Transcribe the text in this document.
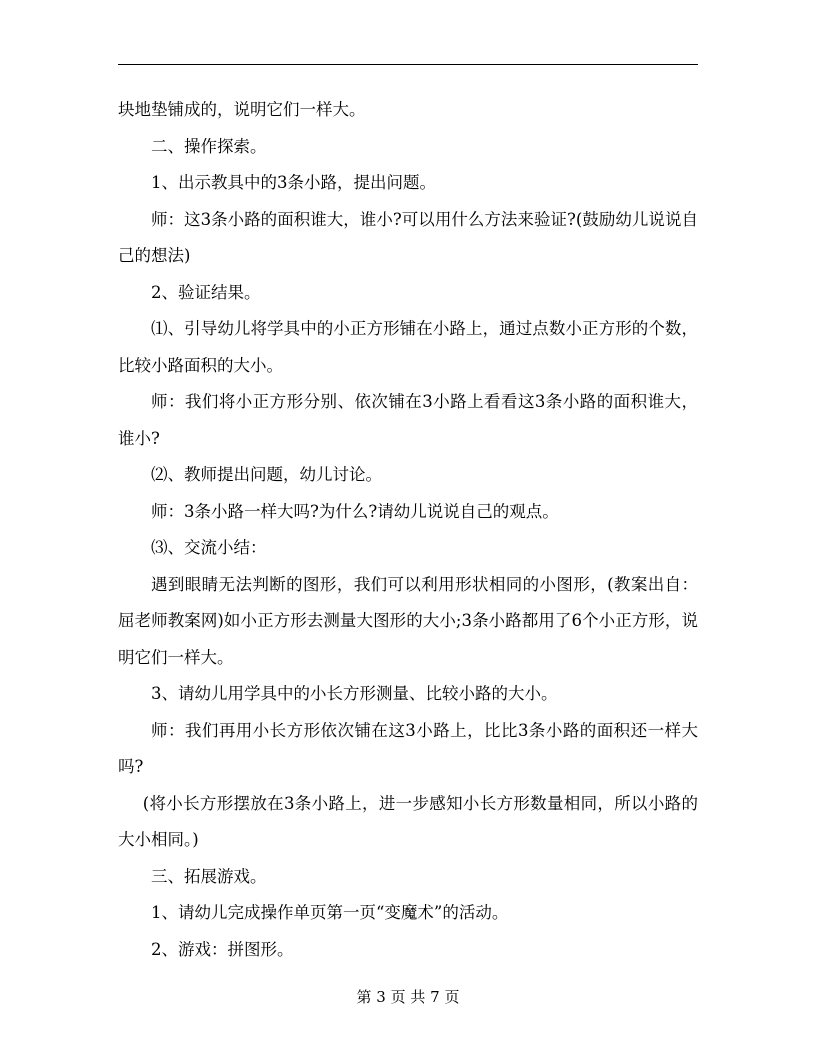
块地垫铺成的，说明它们一样大。

二、操作探索。

1、出示教具中的3条小路，提出问题。

师：这3条小路的面积谁大，谁小?可以用什么方法来验证?(鼓励幼儿说说自己的想法)

2、验证结果。

⑴、引导幼儿将学具中的小正方形铺在小路上，通过点数小正方形的个数，比较小路面积的大小。

师：我们将小正方形分别、依次铺在3小路上看看这3条小路的面积谁大，谁小?

⑵、教师提出问题，幼儿讨论。

师：3条小路一样大吗?为什么?请幼儿说说自己的观点。

⑶、交流小结：

遇到眼睛无法判断的图形，我们可以利用形状相同的小图形，(教案出自：屈老师教案网)如小正方形去测量大图形的大小;3条小路都用了6个小正方形，说明它们一样大。

3、请幼儿用学具中的小长方形测量、比较小路的大小。

师：我们再用小长方形依次铺在这3小路上，比比3条小路的面积还一样大吗?

(将小长方形摆放在3条小路上，进一步感知小长方形数量相同，所以小路的大小相同。)

三、拓展游戏。

1、请幼儿完成操作单页第一页“变魔术”的活动。

2、游戏：拼图形。

第 3 页 共 7 页
